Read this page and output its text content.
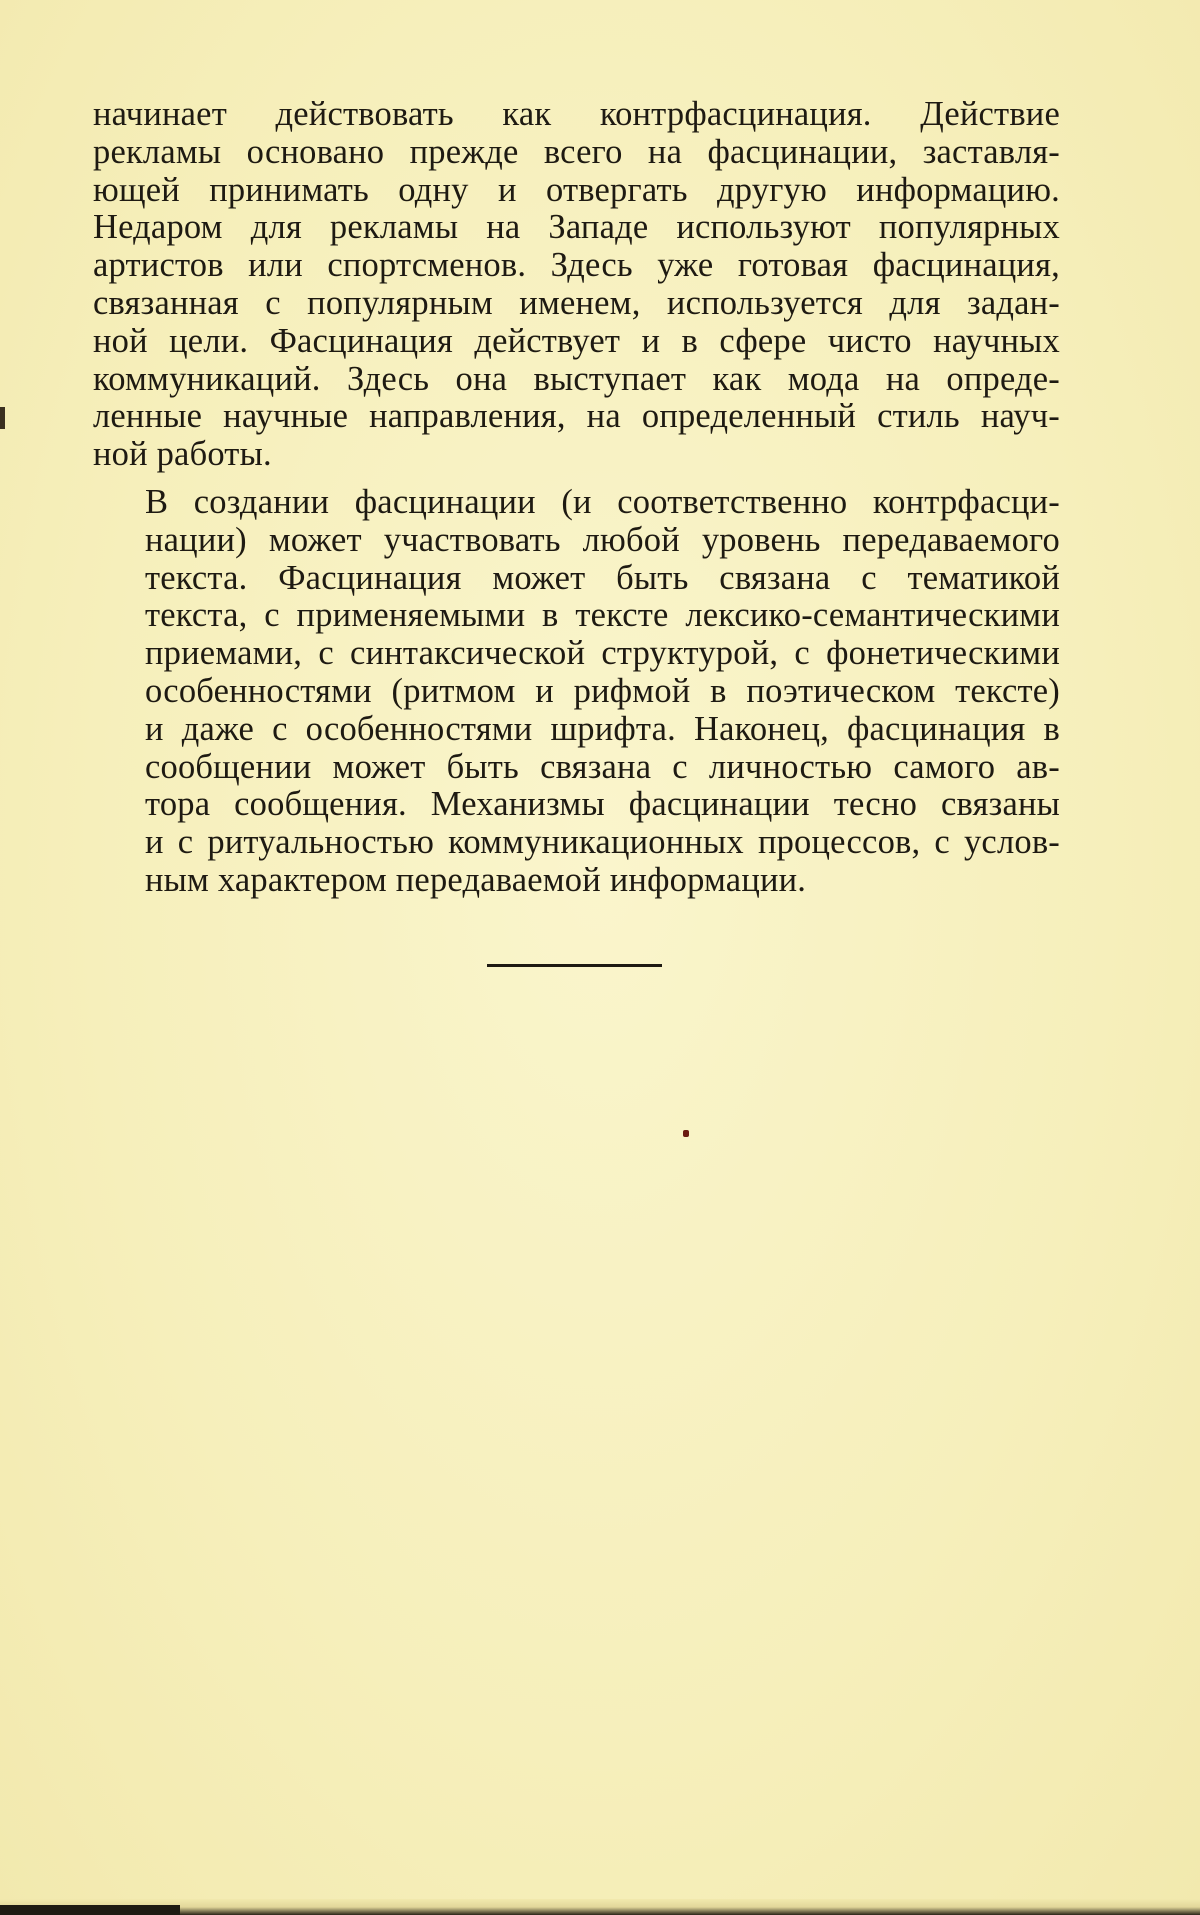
начинает действовать как контрфасцинация. Действие
рекламы основано прежде всего на фасцинации, заставля-
ющей принимать одну и отвергать другую информацию.
Недаром для рекламы на Западе используют популярных
артистов или спортсменов. Здесь уже готовая фасцинация,
связанная с популярным именем, используется для задан-
ной цели. Фасцинация действует и в сфере чисто научных
коммуникаций. Здесь она выступает как мода на опреде-
ленные научные направления, на определенный стиль науч-
ной работы.

В создании фасцинации (и соответственно контрфасци-
нации) может участвовать любой уровень передаваемого
текста. Фасцинация может быть связана с тематикой
текста, с применяемыми в тексте лексико-семантическими
приемами, с синтаксической структурой, с фонетическими
особенностями (ритмом и рифмой в поэтическом тексте)
и даже с особенностями шрифта. Наконец, фасцинация в
сообщении может быть связана с личностью самого ав-
тора сообщения. Механизмы фасцинации тесно связаны
и с ритуальностью коммуникационных процессов, с услов-
ным характером передаваемой информации.
